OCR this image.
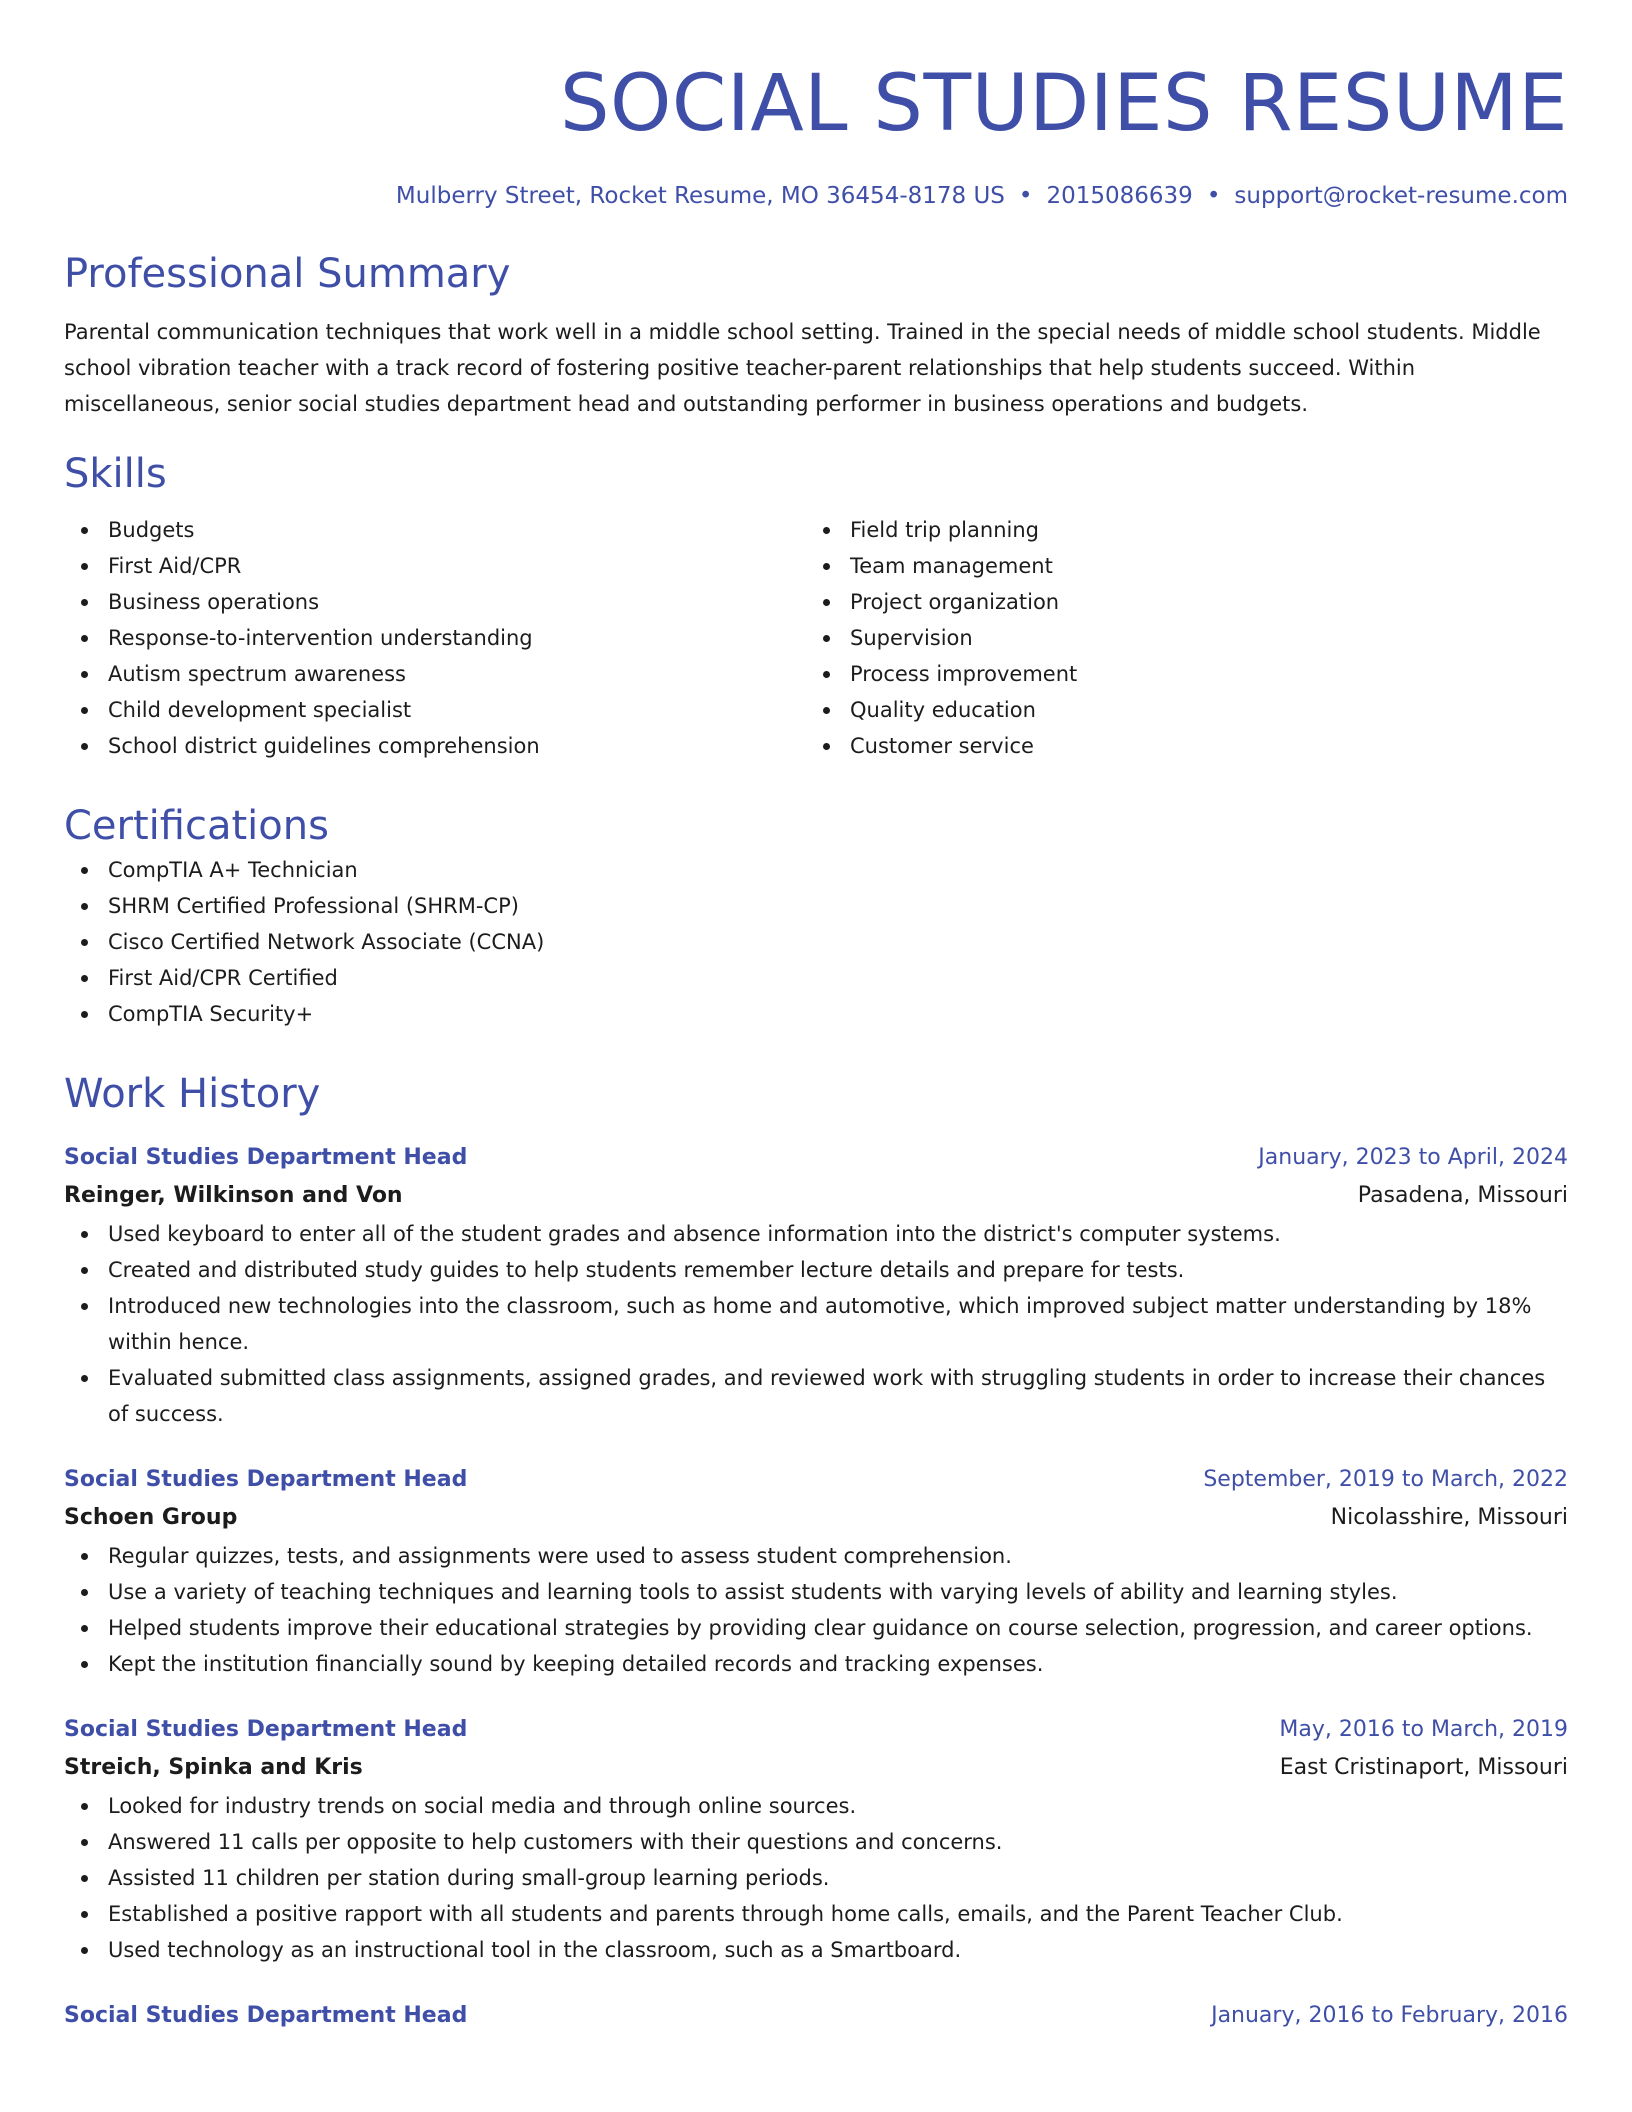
SOCIAL STUDIES RESUME
Mulberry Street, Rocket Resume, MO 36454-8178 US • 2015086639 • support@rocket-resume.com
Professional Summary

Parental communication techniques that work well in a middle school setting. Trained in the special needs of middle school students. Middle school vibration teacher with a track record of fostering positive teacher-parent relationships that help students succeed. Within miscellaneous, senior social studies department head and outstanding performer in business operations and budgets.

Skills
Budgets
First Aid/CPR
Business operations
Response-to-intervention understanding
Autism spectrum awareness
Child development specialist
School district guidelines comprehension
Field trip planning
Team management
Project organization
Supervision
Process improvement
Quality education
Customer service
Certifications
CompTIA A+ Technician
SHRM Certified Professional (SHRM-CP)
Cisco Certified Network Associate (CCNA)
First Aid/CPR Certified
CompTIA Security+
Work History
Social Studies Department Head	January, 2023 to April, 2024
Reinger, Wilkinson and Von	Pasadena, Missouri
Used keyboard to enter all of the student grades and absence information into the district's computer systems.
Created and distributed study guides to help students remember lecture details and prepare for tests.
Introduced new technologies into the classroom, such as home and automotive, which improved subject matter understanding by 18% within hence.
Evaluated submitted class assignments, assigned grades, and reviewed work with struggling students in order to increase their chances of success.
Social Studies Department Head	September, 2019 to March, 2022
Schoen Group	Nicolasshire, Missouri
Regular quizzes, tests, and assignments were used to assess student comprehension.
Use a variety of teaching techniques and learning tools to assist students with varying levels of ability and learning styles.
Helped students improve their educational strategies by providing clear guidance on course selection, progression, and career options.
Kept the institution financially sound by keeping detailed records and tracking expenses.
Social Studies Department Head	May, 2016 to March, 2019
Streich, Spinka and Kris	East Cristinaport, Missouri
Looked for industry trends on social media and through online sources.
Answered 11 calls per opposite to help customers with their questions and concerns.
Assisted 11 children per station during small-group learning periods.
Established a positive rapport with all students and parents through home calls, emails, and the Parent Teacher Club.
Used technology as an instructional tool in the classroom, such as a Smartboard.
Social Studies Department Head	January, 2016 to February, 2016
